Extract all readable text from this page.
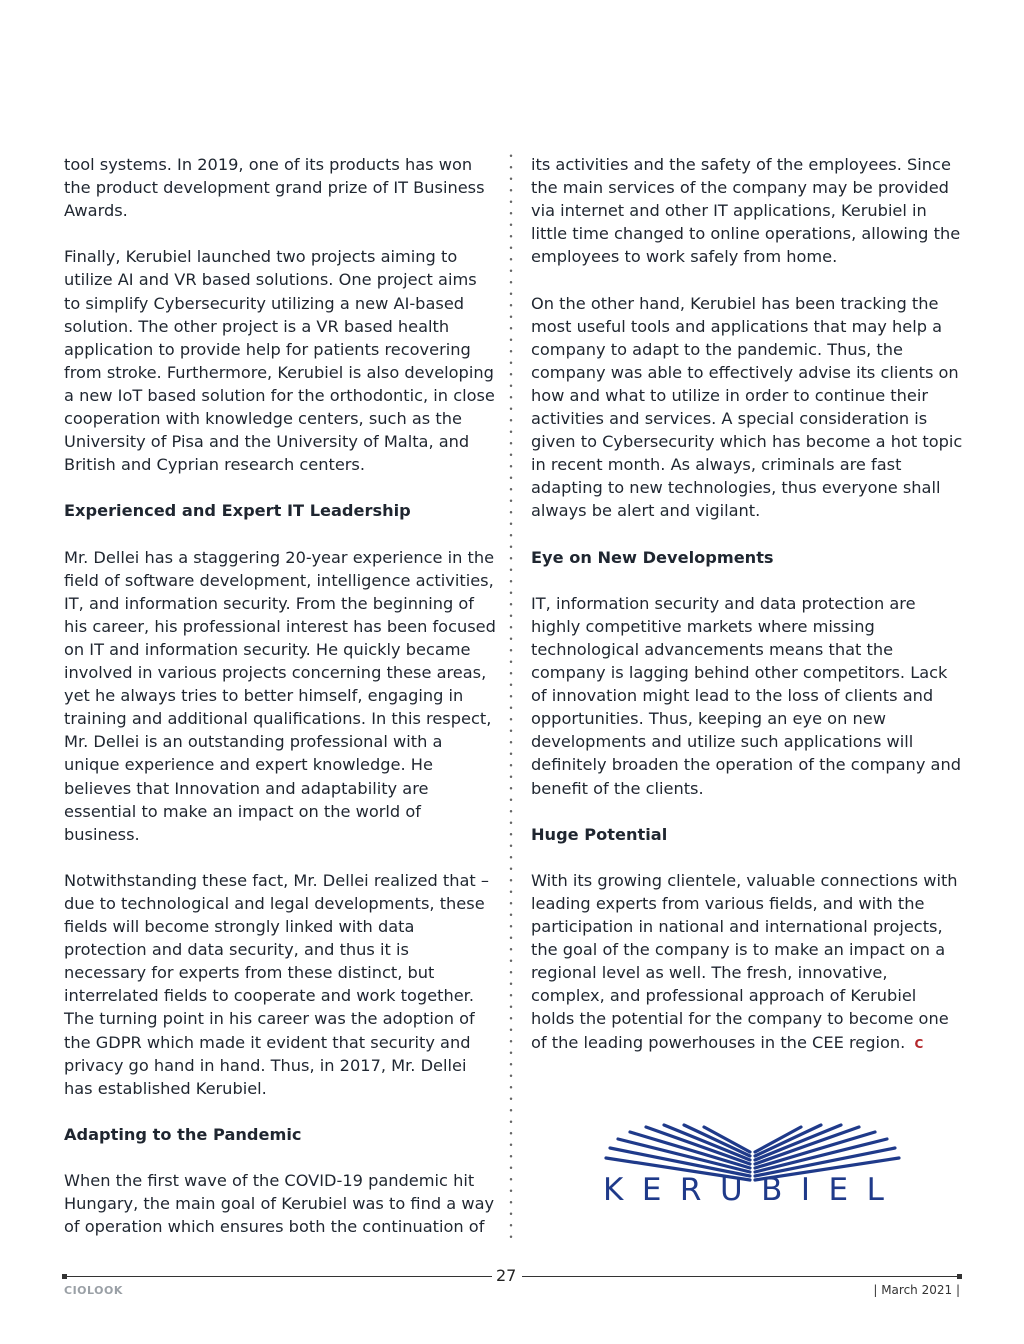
tool systems. In 2019, one of its products has won the product development grand prize of IT Business Awards.

Finally, Kerubiel launched two projects aiming to utilize AI and VR based solutions. One project aims to simplify Cybersecurity utilizing a new AI-based solution. The other project is a VR based health application to provide help for patients recovering from stroke. Furthermore, Kerubiel is also developing a new IoT based solution for the orthodontic, in close cooperation with knowledge centers, such as the University of Pisa and the University of Malta, and British and Cyprian research centers.

Experienced and Expert IT Leadership

Mr. Dellei has a staggering 20-year experience in the field of software development, intelligence activities, IT, and information security. From the beginning of his career, his professional interest has been focused on IT and information security. He quickly became involved in various projects concerning these areas, yet he always tries to better himself, engaging in training and additional qualifications. In this respect, Mr. Dellei is an outstanding professional with a unique experience and expert knowledge. He believes that Innovation and adaptability are essential to make an impact on the world of business.

Notwithstanding these fact, Mr. Dellei realized that – due to technological and legal developments, these fields will become strongly linked with data protection and data security, and thus it is necessary for experts from these distinct, but interrelated fields to cooperate and work together. The turning point in his career was the adoption of the GDPR which made it evident that security and privacy go hand in hand. Thus, in 2017, Mr. Dellei has established Kerubiel.

Adapting to the Pandemic

When the first wave of the COVID-19 pandemic hit Hungary, the main goal of Kerubiel was to find a way of operation which ensures both the continuation of

its activities and the safety of the employees. Since the main services of the company may be provided via internet and other IT applications, Kerubiel in little time changed to online operations, allowing the employees to work safely from home.

On the other hand, Kerubiel has been tracking the most useful tools and applications that may help a company to adapt to the pandemic. Thus, the company was able to effectively advise its clients on how and what to utilize in order to continue their activities and services. A special consideration is given to Cybersecurity which has become a hot topic in recent month. As always, criminals are fast adapting to new technologies, thus everyone shall always be alert and vigilant.

Eye on New Developments

IT, information security and data protection are highly competitive markets where missing technological advancements means that the company is lagging behind other competitors. Lack of innovation might lead to the loss of clients and opportunities. Thus, keeping an eye on new developments and utilize such applications will definitely broaden the operation of the company and benefit of the clients.

Huge Potential

With its growing clientele, valuable connections with leading experts from various fields, and with the participation in national and international projects, the goal of the company is to make an impact on a regional level as well. The fresh, innovative, complex, and professional approach of Kerubiel holds the potential for the company to become one of the leading powerhouses in the CEE region. C

KERUBIEL
27
CIOLOOK	| March 2021 |
